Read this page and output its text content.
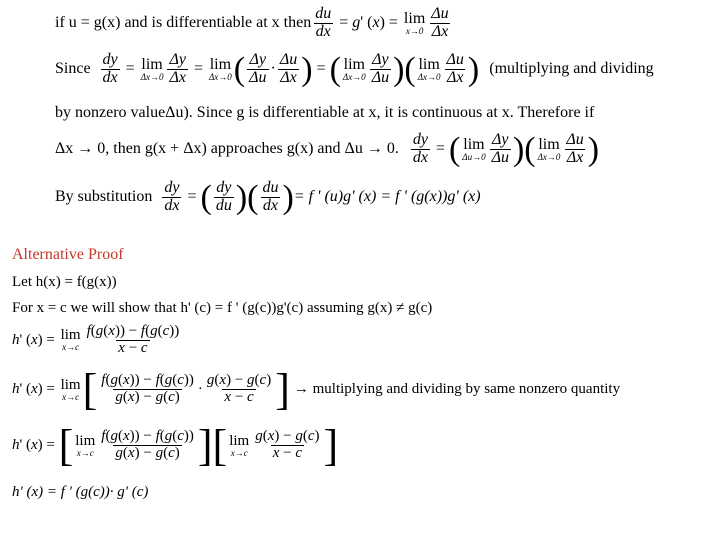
if u = g(x) and is differentiable at x then $\frac{du}{dx} = g'$ (x) = lim
$x\to 0 \frac{\Delta u}{\Delta x}$
Since $\frac{dy}{dx} = \lim$
$\Delta x\to 0 \frac{\Delta y}{\Delta x} = \lim$
Δx→0 ( $\frac{\Delta y}{\Delta u} \cdot \frac{\Delta u}{\Delta x}$ ) = ( lim
$\Delta x\to 0 \frac{\Delta y}{\Delta u}$ )( lim
$\Delta x\to 0 \frac{\Delta u}{\Delta x}$ ) (multiplying and dividing
by nonzero valueΔu). Since g is differentiable at x, it is continuous at x. Therefore if
Δx → 0, then g(x + Δx) approaches g(x) and Δu → 0. $\frac{dy}{dx}$ = ( lim
$\Delta u\to 0 \frac{\Delta y}{\Delta u}$ )( lim
$\Delta x\to 0 \frac{\Delta u}{\Delta x}$ )
By substitution $\frac{dy}{dx}$ = ( $\frac{dy}{du}$ )( $\frac{du}{dx}$ ) = f ' (u)g' (x) = f ' (g(x))g' (x)
Alternative Proof
Let h(x) = f(g(x))
For x = c we will show that h' (c) = f ' (g(c))g'(c) assuming g(x) ≠ g(c)
h ' ( x ) = lim
$x\to c \frac{f(g(x)) - f(g(c))}{x - c}$
h ' ( x ) = lim
x→c [ $\frac{f(g(x)) - f(g(c))}{g(x) - g(c)} \cdot \frac{g(x) - g(c)}{x - c}$ ] → multiplying and dividing by same nonzero quantity
h ' ( x ) = [ lim
$x\to c \frac{f(g(x)) - f(g(c))}{g(x) - g(c)}$ ][ lim
$x\to c \frac{g(x) - g(c)}{x - c}$ ]
h' (x) = f ' (g(c))· g' (c)
